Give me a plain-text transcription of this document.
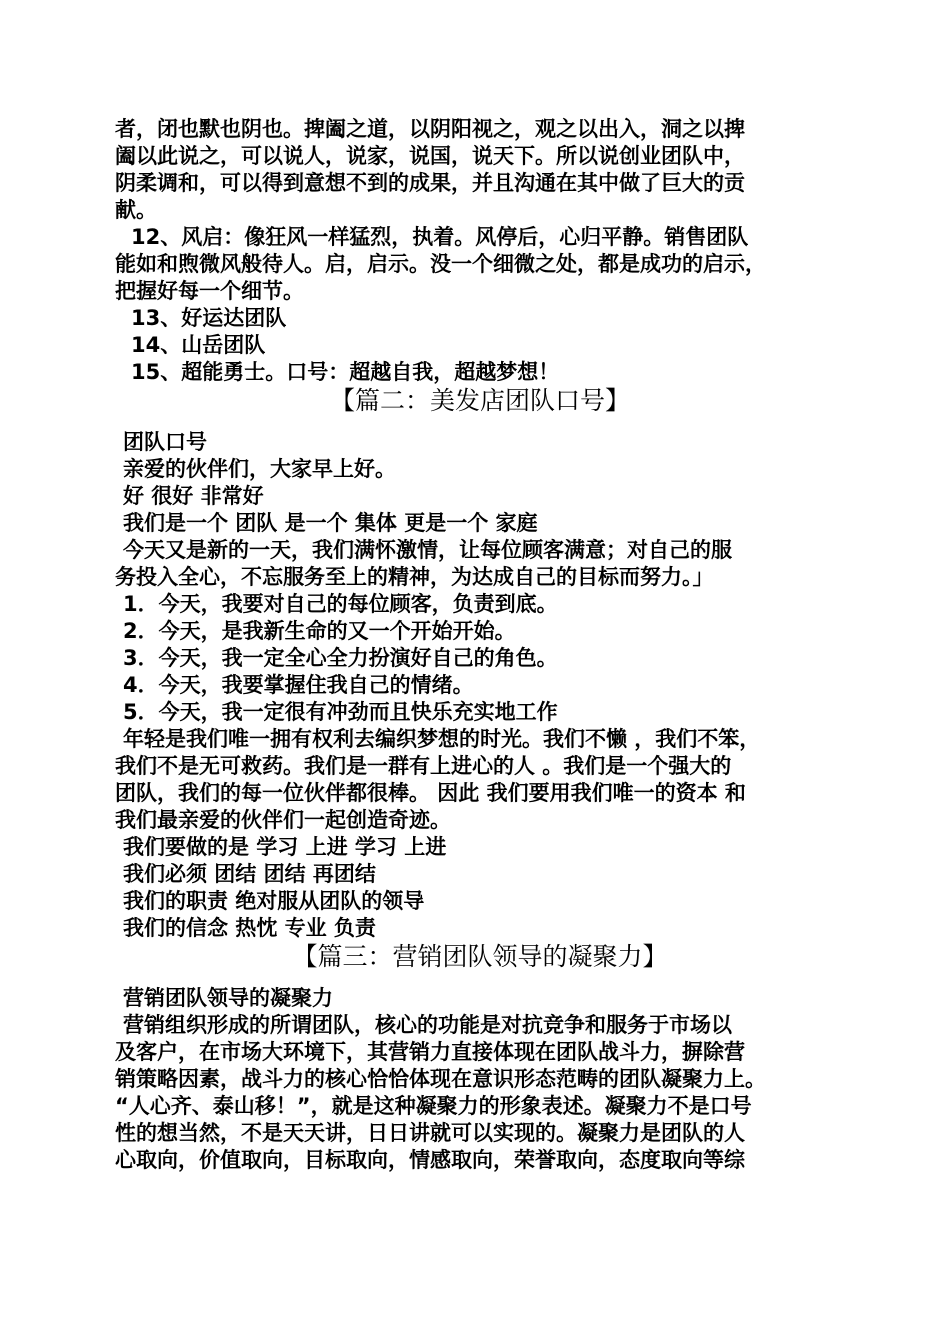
者，闭也默也阴也。捭阖之道，以阴阳视之，观之以出入，洞之以捭

阖以此说之，可以说人，说家，说国，说天下。所以说创业团队中，

阴柔调和，可以得到意想不到的成果，并且沟通在其中做了巨大的贡

献。

12、风启：像狂风一样猛烈，执着。风停后，心归平静。销售团队

能如和煦微风般待人。启，启示。没一个细微之处，都是成功的启示，

把握好每一个细节。

13、好运达团队

14、山岳团队

15、超能勇士。口号：超越自我，超越梦想！

【篇二：美发店团队口号】

团队口号

亲爱的伙伴们，大家早上好。

好 很好 非常好

我们是一个 团队 是一个 集体 更是一个 家庭

今天又是新的一天，我们满怀激情，让每位顾客满意；对自己的服

务投入全心，不忘服务至上的精神，为达成自己的目标而努力。」

1．今天，我要对自己的每位顾客，负责到底。

2．今天，是我新生命的又一个开始开始。

3．今天，我一定全心全力扮演好自己的角色。

4．今天，我要掌握住我自己的情绪。

5．今天，我一定很有冲劲而且快乐充实地工作

年轻是我们唯一拥有权利去编织梦想的时光。我们不懒 ，我们不笨，

我们不是无可救药。我们是一群有上进心的人 。我们是一个强大的

团队，我们的每一位伙伴都很棒。 因此 我们要用我们唯一的资本 和

我们最亲爱的伙伴们一起创造奇迹。

我们要做的是 学习 上进 学习 上进

我们必须 团结 团结 再团结

我们的职责 绝对服从团队的领导

我们的信念 热忱 专业 负责

【篇三：营销团队领导的凝聚力】

营销团队领导的凝聚力

营销组织形成的所谓团队，核心的功能是对抗竞争和服务于市场以

及客户，在市场大环境下，其营销力直接体现在团队战斗力，摒除营

销策略因素，战斗力的核心恰恰体现在意识形态范畴的团队凝聚力上。

“人心齐、泰山移！”，就是这种凝聚力的形象表述。凝聚力不是口号

性的想当然，不是天天讲，日日讲就可以实现的。凝聚力是团队的人

心取向，价值取向，目标取向，情感取向，荣誉取向，态度取向等综
